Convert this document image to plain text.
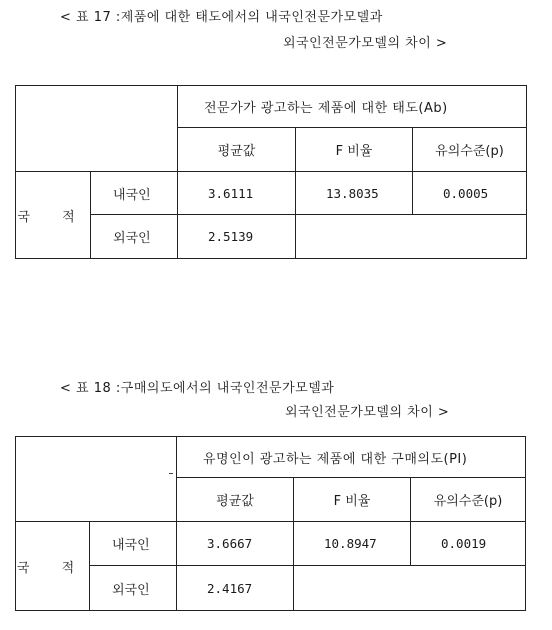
< 표 17 :제품에 대한 태도에서의 내국인전문가모델과
외국인전문가모델의 차이 >
		전문가가 광고하는 제품에 대한 태도(Ab)		
		평균값	F 비율	유의수준(p)
국 적	내국인	3.6111	13.8035	0.0005
	외국인	2.5139		
< 표 18 :구매의도에서의 내국인전문가모델과
외국인전문가모델의 차이 >
		유명인이 광고하는 제품에 대한 구매의도(PI)		
		평균값	F 비율	유의수준(p)
국 적	내국인	3.6667	10.8947	0.0019
	외국인	2.4167		
